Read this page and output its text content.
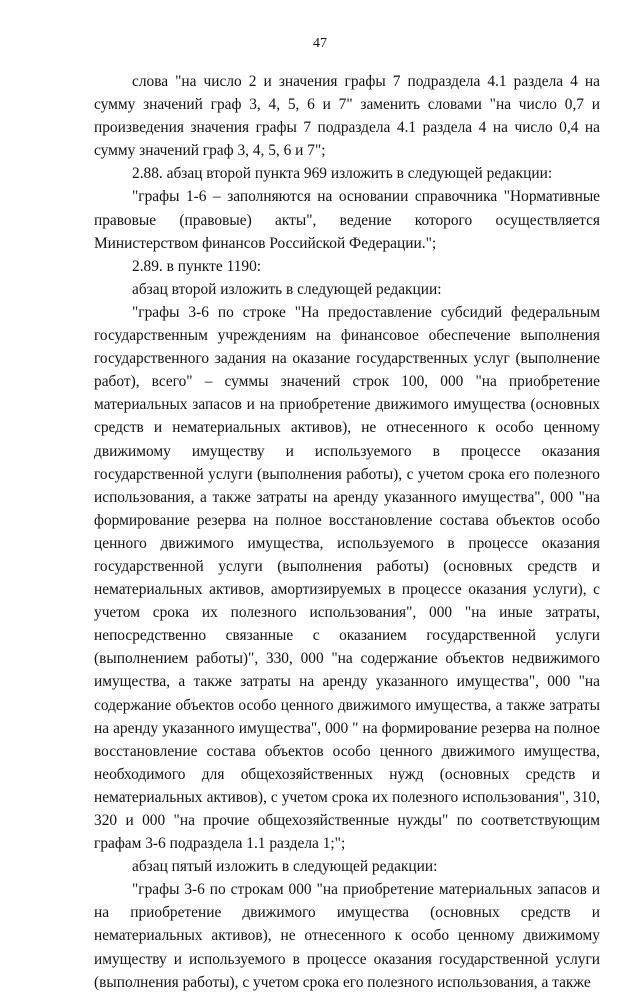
47

слова "на число 2 и значения графы 7 подраздела 4.1 раздела 4 на сумму значений граф 3, 4, 5, 6 и 7" заменить словами "на число 0,7 и произведения значения графы 7 подраздела 4.1 раздела 4 на число 0,4 на сумму значений граф 3, 4, 5, 6 и 7";

2.88. абзац второй пункта 969 изложить в следующей редакции:

"графы 1-6 – заполняются на основании справочника "Нормативные правовые (правовые) акты", ведение которого осуществляется Министерством финансов Российской Федерации.";

2.89. в пункте 1190:

абзац второй изложить в следующей редакции:

"графы 3-6 по строке "На предоставление субсидий федеральным государственным учреждениям на финансовое обеспечение выполнения государственного задания на оказание государственных услуг (выполнение работ), всего" – суммы значений строк 100, 000 "на приобретение материальных запасов и на приобретение движимого имущества (основных средств и нематериальных активов), не отнесенного к особо ценному движимому имуществу и используемого в процессе оказания государственной услуги (выполнения работы), с учетом срока его полезного использования, а также затраты на аренду указанного имущества", 000 "на формирование резерва на полное восстановление состава объектов особо ценного движимого имущества, используемого в процессе оказания государственной услуги (выполнения работы) (основных средств и нематериальных активов, амортизируемых в процессе оказания услуги), с учетом срока их полезного использования", 000 "на иные затраты, непосредственно связанные с оказанием государственной услуги (выполнением работы)", 330, 000 "на содержание объектов недвижимого имущества, а также затраты на аренду указанного имущества", 000 "на содержание объектов особо ценного движимого имущества, а также затраты на аренду указанного имущества", 000 " на формирование резерва на полное восстановление состава объектов особо ценного движимого имущества, необходимого для общехозяйственных нужд (основных средств и нематериальных активов), с учетом срока их полезного использования", 310, 320 и 000 "на прочие общехозяйственные нужды" по соответствующим графам 3-6 подраздела 1.1 раздела 1;";

абзац пятый изложить в следующей редакции:

"графы 3-6 по строкам 000 "на приобретение материальных запасов и на приобретение движимого имущества (основных средств и нематериальных активов), не отнесенного к особо ценному движимому имуществу и используемого в процессе оказания государственной услуги (выполнения работы), с учетом срока его полезного использования, а также
